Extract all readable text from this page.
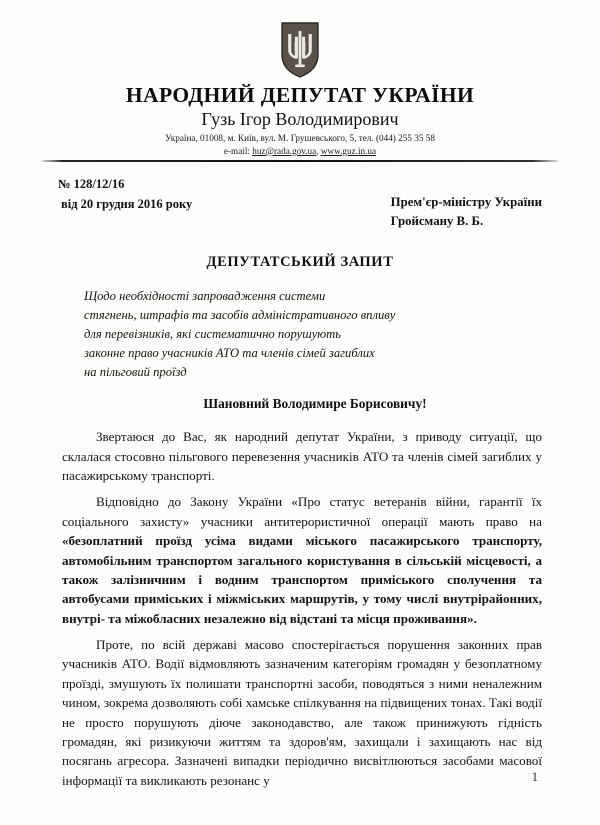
НАРОДНИЙ ДЕПУТАТ УКРАЇНИ
Гузь Ігор Володимирович
Україна, 01008, м. Київ, вул. М. Грушевського, 5, тел. (044) 255 35 58
e-mail: huz@rada.gov.ua, www.guz.in.ua
№ 128/12/16
від 20 грудня 2016 року	Прем'єр-міністру України
Гройсману В. Б.
ДЕПУТАТСЬКИЙ ЗАПИТ
Щодо необхідності запровадження системи
стягнень, штрафів та засобів адміністративного впливу
для перевізників, які систематично порушують
законне право учасників АТО та членів сімей загиблих
на пільговий проїзд
Шановний Володимире Борисовичу!

Звертаюся до Вас, як народний депутат України, з приводу ситуації, що склалася стосовно пільгового перевезення учасників АТО та членів сімей загиблих у пасажирському транспорті.

Відповідно до Закону України «Про статус ветеранів війни, гарантії їх соціального захисту» учасники антитерористичної операції мають право на «безоплатний проїзд усіма видами міського пасажирського транспорту, автомобільним транспортом загального користування в сільській місцевості, а також залізничним і водним транспортом приміського сполучення та автобусами приміських і міжміських маршрутів, у тому числі внутрірайонних, внутрі- та міжобласних незалежно від відстані та місця проживання».

Проте, по всій державі масово спостерігається порушення законних прав учасників АТО. Водії відмовляють зазначеним категоріям громадян у безоплатному проїзді, змушують їх полишати транспортні засоби, поводяться з ними неналежним чином, зокрема дозволяють собі хамське спілкування на підвищених тонах. Такі водії не просто порушують діюче законодавство, але також принижують гідність громадян, які ризикуючи життям та здоров'ям, захищали і захищають нас від посягань агресора. Зазначені випадки періодично висвітлюються засобами масової інформації та викликають резонанс у	1
